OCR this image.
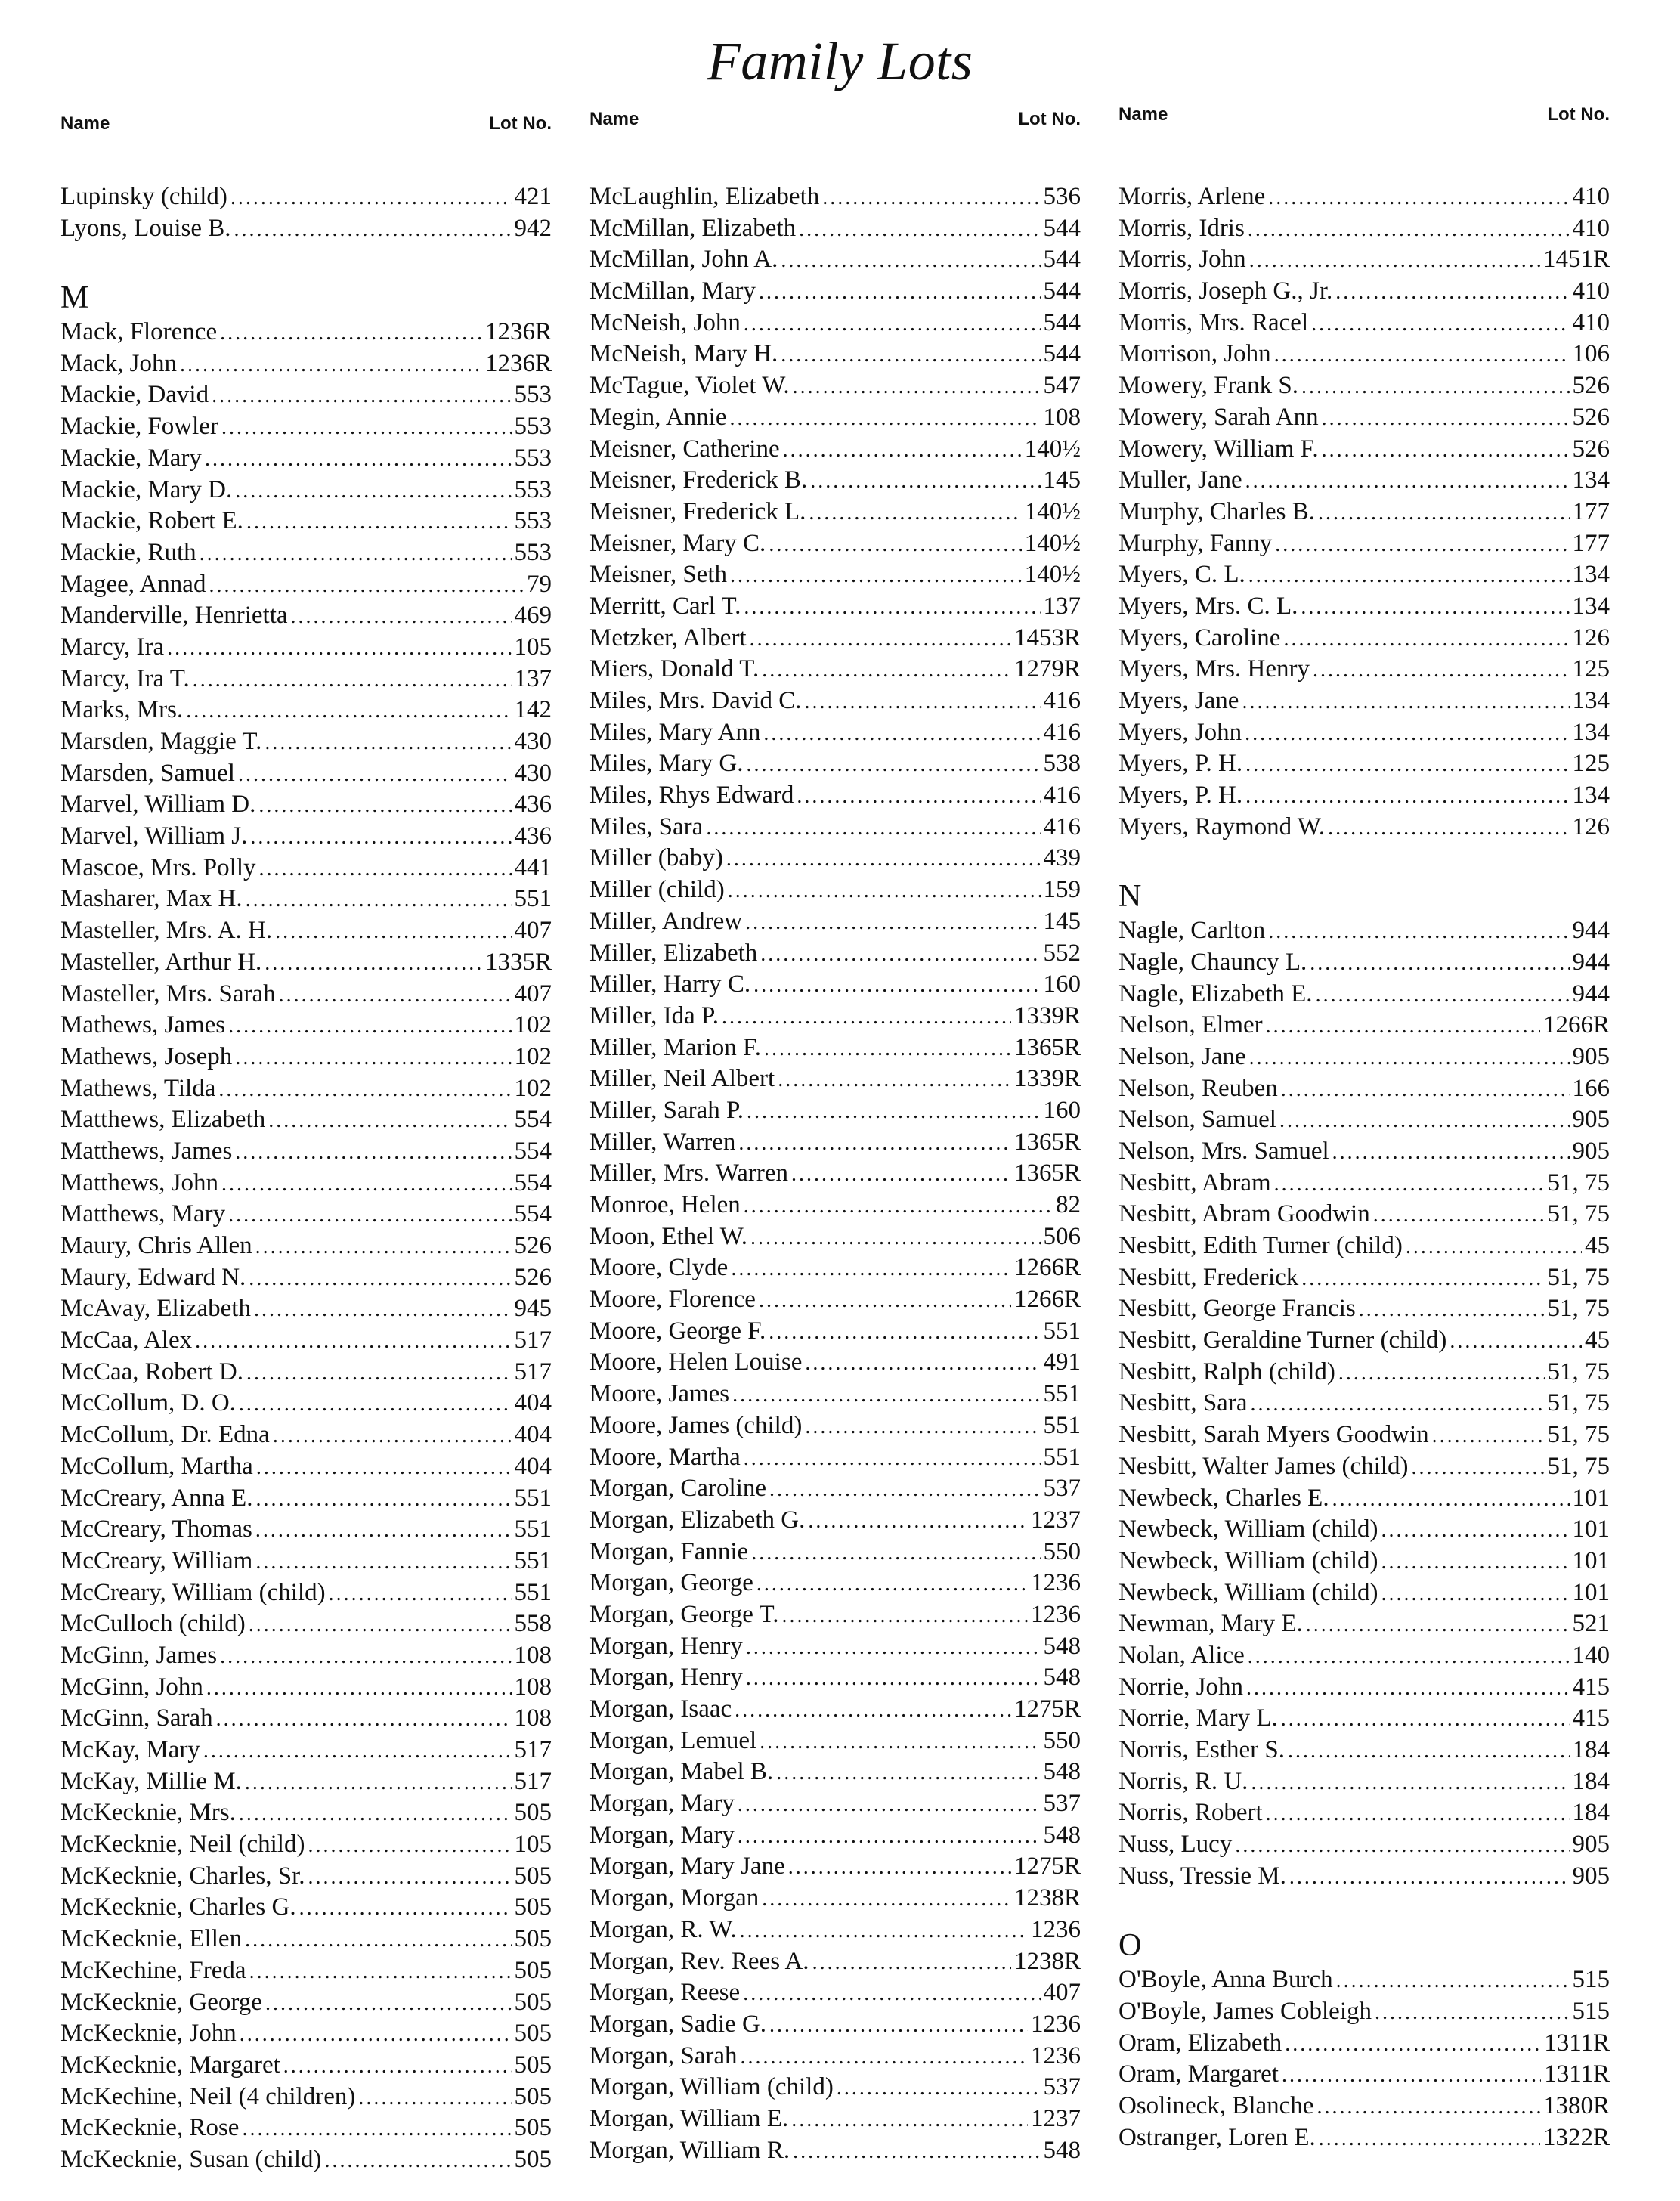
Family Lots
Name	Lot No.
Lupinsky (child) . . .	421
Lyons, Louise B. . . .	942
M
Mack, Florence . . .	1236R
Mack, John . . .	1236R
Mackie, David . . .	553
Mackie, Fowler . . .	553
Mackie, Mary . . .	553
Mackie, Mary D. . . .	553
Mackie, Robert E. . . .	553
Mackie, Ruth . . .	553
Magee, Annad . . .	79
Manderville, Henrietta . . .	469
Marcy, Ira . . .	105
Marcy, Ira T. . . .	137
Marks, Mrs. . . .	142
Marsden, Maggie T. . . .	430
Marsden, Samuel . . .	430
Marvel, William D. . . .	436
Marvel, William J. . . .	436
Mascoe, Mrs. Polly . . .	441
Masharer, Max H. . . .	551
Masteller, Mrs. A. H. . . .	407
Masteller, Arthur H. . . .	1335R
Masteller, Mrs. Sarah . . .	407
Mathews, James . . .	102
Mathews, Joseph . . .	102
Mathews, Tilda . . .	102
Matthews, Elizabeth . . .	554
Matthews, James . . .	554
Matthews, John . . .	554
Matthews, Mary . . .	554
Maury, Chris Allen . . .	526
Maury, Edward N. . . .	526
McAvay, Elizabeth . . .	945
McCaa, Alex . . .	517
McCaa, Robert D. . . .	517
McCollum, D. O. . . .	404
McCollum, Dr. Edna . . .	404
McCollum, Martha . . .	404
McCreary, Anna E. . . .	551
McCreary, Thomas . . .	551
McCreary, William . . .	551
McCreary, William (child) . . .	551
McCulloch (child) . . .	558
McGinn, James . . .	108
McGinn, John . . .	108
McGinn, Sarah . . .	108
McKay, Mary . . .	517
McKay, Millie M. . . .	517
McKecknie, Mrs. . . .	505
McKecknie, Neil (child) . . .	105
McKecknie, Charles, Sr. . . .	505
McKecknie, Charles G. . . .	505
McKecknie, Ellen . . .	505
McKechine, Freda . . .	505
McKecknie, George . . .	505
McKecknie, John . . .	505
McKecknie, Margaret . . .	505
McKechine, Neil (4 children) . . .	505
McKecknie, Rose . . .	505
McKecknie, Susan (child) . . .	505
Name	Lot No.
McLaughlin, Elizabeth . . .	536
McMillan, Elizabeth . . .	544
McMillan, John A. . . .	544
McMillan, Mary . . .	544
McNeish, John . . .	544
McNeish, Mary H. . . .	544
McTague, Violet W. . . .	547
Megin, Annie . . .	108
Meisner, Catherine . . .	140½
Meisner, Frederick B. . . .	145
Meisner, Frederick L. . . .	140½
Meisner, Mary C. . . .	140½
Meisner, Seth . . .	140½
Merritt, Carl T. . . .	137
Metzker, Albert . . .	1453R
Miers, Donald T. . . .	1279R
Miles, Mrs. David C. . . .	416
Miles, Mary Ann . . .	416
Miles, Mary G. . . .	538
Miles, Rhys Edward . . .	416
Miles, Sara . . .	416
Miller (baby) . . .	439
Miller (child) . . .	159
Miller, Andrew . . .	145
Miller, Elizabeth . . .	552
Miller, Harry C. . . .	160
Miller, Ida P. . . .	1339R
Miller, Marion F. . . .	1365R
Miller, Neil Albert . . .	1339R
Miller, Sarah P. . . .	160
Miller, Warren . . .	1365R
Miller, Mrs. Warren . . .	1365R
Monroe, Helen . . .	82
Moon, Ethel W. . . .	506
Moore, Clyde . . .	1266R
Moore, Florence . . .	1266R
Moore, George F. . . .	551
Moore, Helen Louise . . .	491
Moore, James . . .	551
Moore, James (child) . . .	551
Moore, Martha . . .	551
Morgan, Caroline . . .	537
Morgan, Elizabeth G. . . .	1237
Morgan, Fannie . . .	550
Morgan, George . . .	1236
Morgan, George T. . . .	1236
Morgan, Henry . . .	548
Morgan, Henry . . .	548
Morgan, Isaac . . .	1275R
Morgan, Lemuel . . .	550
Morgan, Mabel B. . . .	548
Morgan, Mary . . .	537
Morgan, Mary . . .	548
Morgan, Mary Jane . . .	1275R
Morgan, Morgan . . .	1238R
Morgan, R. W. . . .	1236
Morgan, Rev. Rees A. . . .	1238R
Morgan, Reese . . .	407
Morgan, Sadie G. . . .	1236
Morgan, Sarah . . .	1236
Morgan, William (child) . . .	537
Morgan, William E. . . .	1237
Morgan, William R. . . .	548
Name	Lot No.
Morris, Arlene . . .	410
Morris, Idris . . .	410
Morris, John . . .	1451R
Morris, Joseph G., Jr. . . .	410
Morris, Mrs. Racel . . .	410
Morrison, John . . .	106
Mowery, Frank S. . . .	526
Mowery, Sarah Ann . . .	526
Mowery, William F. . . .	526
Muller, Jane . . .	134
Murphy, Charles B. . . .	177
Murphy, Fanny . . .	177
Myers, C. L. . . .	134
Myers, Mrs. C. L. . . .	134
Myers, Caroline . . .	126
Myers, Mrs. Henry . . .	125
Myers, Jane . . .	134
Myers, John . . .	134
Myers, P. H. . . .	125
Myers, P. H. . . .	134
Myers, Raymond W. . . .	126
N
Nagle, Carlton . . .	944
Nagle, Chauncy L. . . .	944
Nagle, Elizabeth E. . . .	944
Nelson, Elmer . . .	1266R
Nelson, Jane . . .	905
Nelson, Reuben . . .	166
Nelson, Samuel . . .	905
Nelson, Mrs. Samuel . . .	905
Nesbitt, Abram . . .	51, 75
Nesbitt, Abram Goodwin . . .	51, 75
Nesbitt, Edith Turner (child) . . .	45
Nesbitt, Frederick . . .	51, 75
Nesbitt, George Francis . . .	51, 75
Nesbitt, Geraldine Turner (child) . . .	45
Nesbitt, Ralph (child) . . .	51, 75
Nesbitt, Sara . . .	51, 75
Nesbitt, Sarah Myers Goodwin . . .	51, 75
Nesbitt, Walter James (child) . . .	51, 75
Newbeck, Charles E. . . .	101
Newbeck, William (child) . . .	101
Newbeck, William (child) . . .	101
Newbeck, William (child) . . .	101
Newman, Mary E. . . .	521
Nolan, Alice . . .	140
Norrie, John . . .	415
Norrie, Mary L. . . .	415
Norris, Esther S. . . .	184
Norris, R. U. . . .	184
Norris, Robert . . .	184
Nuss, Lucy . . .	905
Nuss, Tressie M. . . .	905
O
O'Boyle, Anna Burch . . .	515
O'Boyle, James Cobleigh . . .	515
Oram, Elizabeth . . .	1311R
Oram, Margaret . . .	1311R
Osolineck, Blanche . . .	1380R
Ostranger, Loren E. . . .	1322R
